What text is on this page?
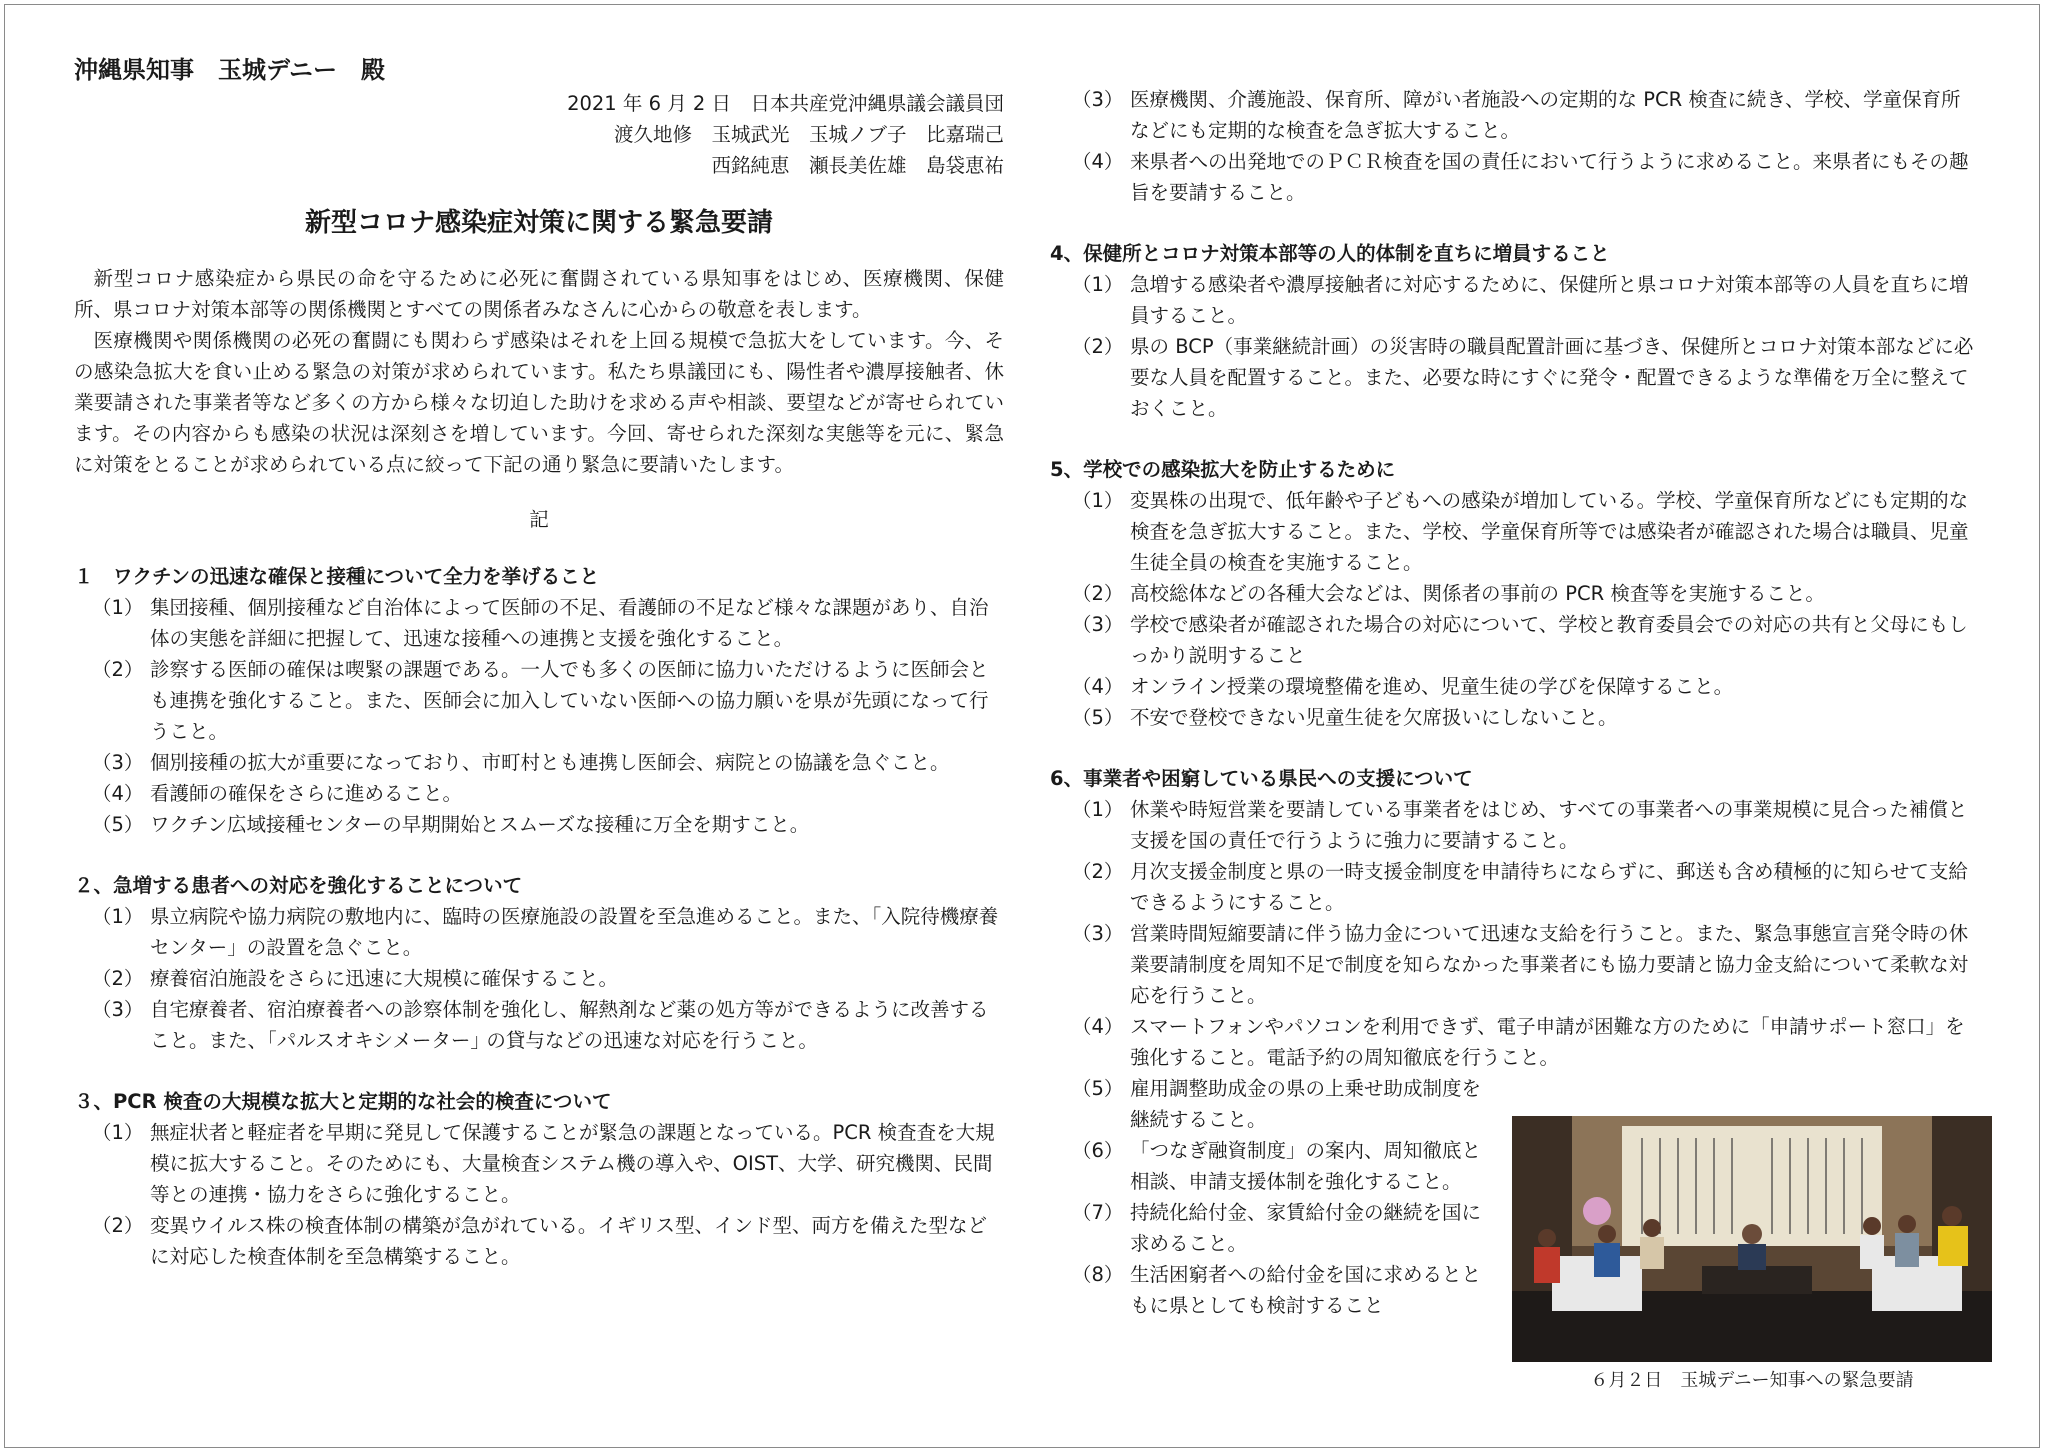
沖縄県知事　玉城デニー　殿
2021 年 6 月 2 日　日本共産党沖縄県議会議員団
渡久地修　玉城武光　玉城ノブ子　比嘉瑞己
西銘純恵　瀬長美佐雄　島袋恵祐
新型コロナ感染症対策に関する緊急要請
新型コロナ感染症から県民の命を守るために必死に奮闘されている県知事をはじめ、医療機関、保健所、県コロナ対策本部等の関係機関とすべての関係者みなさんに心からの敬意を表します。
医療機関や関係機関の必死の奮闘にも関わらず感染はそれを上回る規模で急拡大をしています。今、その感染急拡大を食い止める緊急の対策が求められています。私たち県議団にも、陽性者や濃厚接触者、休業要請された事業者等など多くの方から様々な切迫した助けを求める声や相談、要望などが寄せられています。その内容からも感染の状況は深刻さを増しています。今回、寄せられた深刻な実態等を元に、緊急に対策をとることが求められている点に絞って下記の通り緊急に要請いたします。
記
１　ワクチンの迅速な確保と接種について全力を挙げること
（1） 集団接種、個別接種など自治体によって医師の不足、看護師の不足など様々な課題があり、自治体の実態を詳細に把握して、迅速な接種への連携と支援を強化すること。
（2） 診察する医師の確保は喫緊の課題である。一人でも多くの医師に協力いただけるように医師会とも連携を強化すること。また、医師会に加入していない医師への協力願いを県が先頭になって行うこと。
（3） 個別接種の拡大が重要になっており、市町村とも連携し医師会、病院との協議を急ぐこと。
（4） 看護師の確保をさらに進めること。
（5） ワクチン広域接種センターの早期開始とスムーズな接種に万全を期すこと。
２、急増する患者への対応を強化することについて
（1） 県立病院や協力病院の敷地内に、臨時の医療施設の設置を至急進めること。また、「入院待機療養センター」の設置を急ぐこと。
（2） 療養宿泊施設をさらに迅速に大規模に確保すること。
（3） 自宅療養者、宿泊療養者への診察体制を強化し、解熱剤など薬の処方等ができるように改善すること。また、｢パルスオキシメーター｣ の貸与などの迅速な対応を行うこと。
３、PCR 検査の大規模な拡大と定期的な社会的検査について
（1） 無症状者と軽症者を早期に発見して保護することが緊急の課題となっている。PCR 検査査を大規模に拡大すること。そのためにも、大量検査システム機の導入や、OIST、大学、研究機関、民間等との連携・協力をさらに強化すること。
（2） 変異ウイルス株の検査体制の構築が急がれている。イギリス型、インド型、両方を備えた型などに対応した検査体制を至急構築すること。
（3） 医療機関、介護施設、保育所、障がい者施設への定期的な PCR 検査に続き、学校、学童保育所などにも定期的な検査を急ぎ拡大すること。
（4） 来県者への出発地でのＰＣＲ検査を国の責任において行うように求めること。来県者にもその趣旨を要請すること。
4、保健所とコロナ対策本部等の人的体制を直ちに増員すること
（1） 急増する感染者や濃厚接触者に対応するために、保健所と県コロナ対策本部等の人員を直ちに増員すること。
（2） 県の BCP（事業継続計画）の災害時の職員配置計画に基づき、保健所とコロナ対策本部などに必要な人員を配置すること。また、必要な時にすぐに発令・配置できるような準備を万全に整えておくこと。
5、学校での感染拡大を防止するために
（1） 変異株の出現で、低年齢や子どもへの感染が増加している。学校、学童保育所などにも定期的な検査を急ぎ拡大すること。また、学校、学童保育所等では感染者が確認された場合は職員、児童生徒全員の検査を実施すること。
（2） 高校総体などの各種大会などは、関係者の事前の PCR 検査等を実施すること。
（3） 学校で感染者が確認された場合の対応について、学校と教育委員会での対応の共有と父母にもしっかり説明すること
（4） オンライン授業の環境整備を進め、児童生徒の学びを保障すること。
（5） 不安で登校できない児童生徒を欠席扱いにしないこと。
6、事業者や困窮している県民への支援について
（1） 休業や時短営業を要請している事業者をはじめ、すべての事業者への事業規模に見合った補償と支援を国の責任で行うように強力に要請すること。
（2） 月次支援金制度と県の一時支援金制度を申請待ちにならずに、郵送も含め積極的に知らせて支給できるようにすること。
（3） 営業時間短縮要請に伴う協力金について迅速な支給を行うこと。また、緊急事態宣言発令時の休業要請制度を周知不足で制度を知らなかった事業者にも協力要請と協力金支給について柔軟な対応を行うこと。
（4） スマートフォンやパソコンを利用できず、電子申請が困難な方のために「申請サポート窓口」を強化すること。電話予約の周知徹底を行うこと。
（5） 雇用調整助成金の県の上乗せ助成制度を継続すること。
（6） 「つなぎ融資制度」の案内、周知徹底と相談、申請支援体制を強化すること。
（7） 持続化給付金、家賃給付金の継続を国に求めること。
（8） 生活困窮者への給付金を国に求めるとともに県としても検討すること
６月２日　玉城デニー知事への緊急要請
